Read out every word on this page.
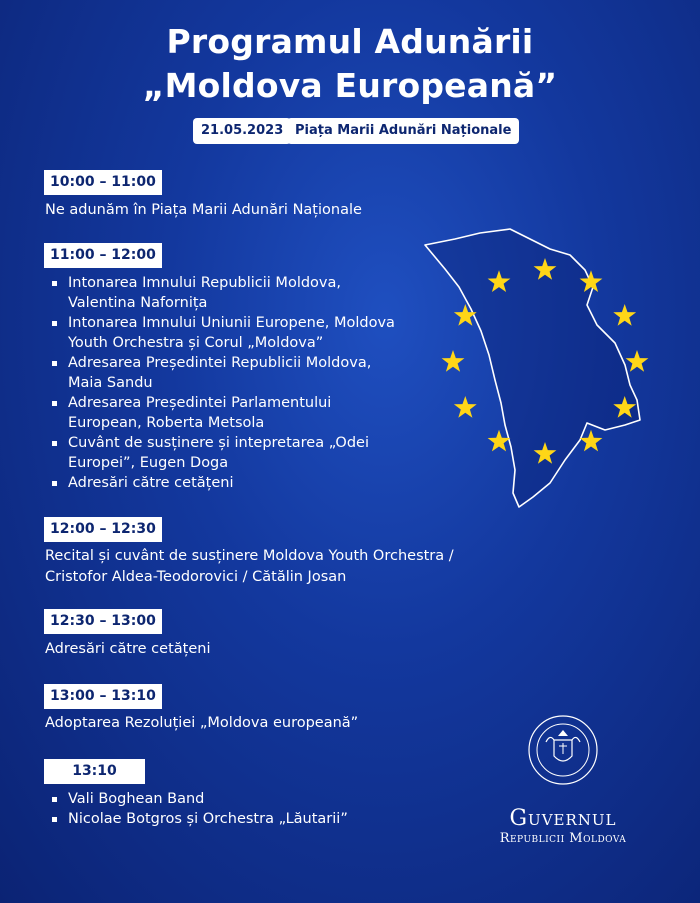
Programul Adunării
„Moldova Europeană”
21.05.2023 Piața Marii Adunări Naționale
10:00 – 11:00
Ne adunăm în Piața Marii Adunări Naționale
11:00 – 12:00
Intonarea Imnului Republicii Moldova,
Valentina Nafornița
Intonarea Imnului Uniunii Europene, Moldova
Youth Orchestra și Corul „Moldova”
Adresarea Președintei Republicii Moldova,
Maia Sandu
Adresarea Președintei Parlamentului
European, Roberta Metsola
Cuvânt de susținere și intepretarea „Odei
Europei”, Eugen Doga
Adresări către cetățeni
12:00 – 12:30
Recital și cuvânt de susținere Moldova Youth Orchestra /
Cristofor Aldea-Teodorovici / Cătălin Josan
12:30 – 13:00
Adresări către cetățeni
13:00 – 13:10
Adoptarea Rezoluției „Moldova europeană”
13:10
Vali Boghean Band
Nicolae Botgros și Orchestra „Lăutarii”	Guvernul
Republicii Moldova
